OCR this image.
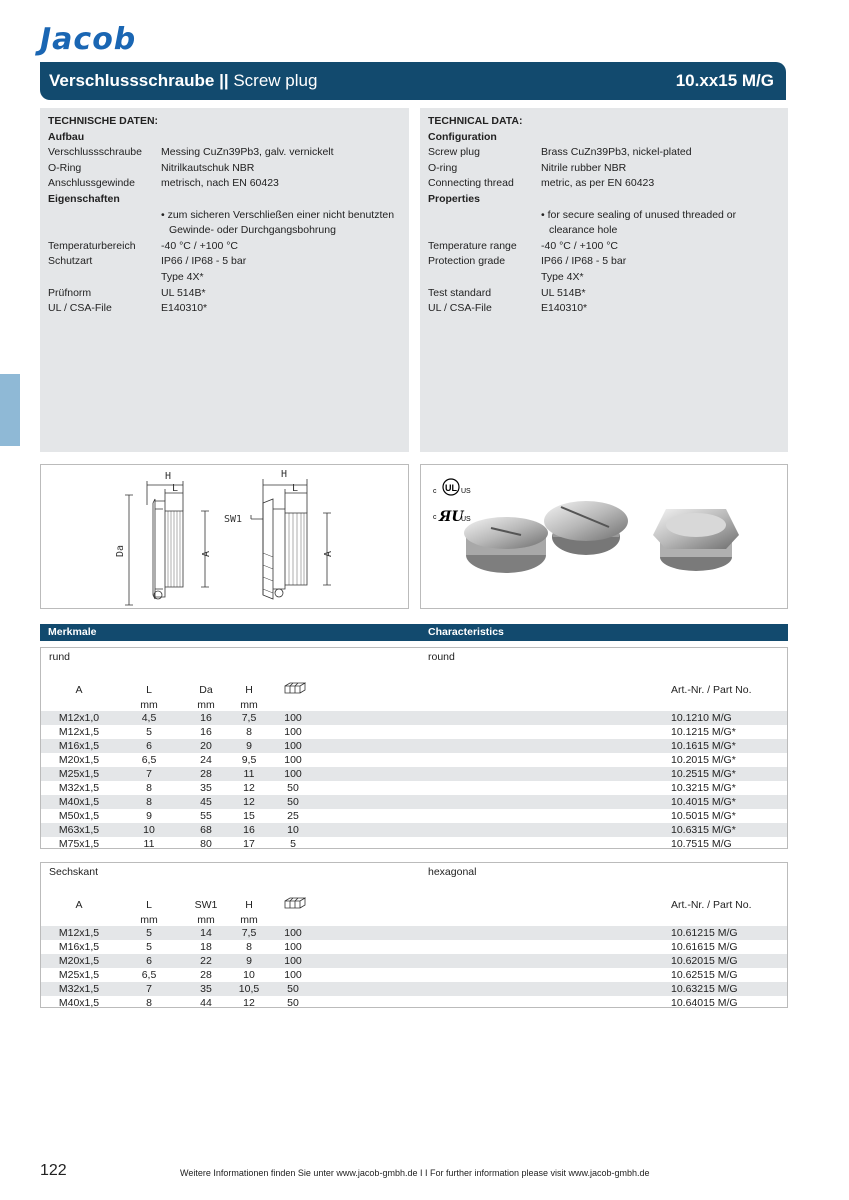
Jacob
Verschlussschraube || Screw plug	10.xx15 M/G
TECHNISCHE DATEN:
Aufbau
Verschlussschraube	Messing CuZn39Pb3, galv. vernickelt
O-Ring	Nitrilkautschuk NBR
Anschlussgewinde	metrisch, nach EN 60423
Eigenschaften
• zum sicheren Verschließen einer nicht benutzten
Gewinde- oder Durchgangsbohrung
Temperaturbereich	-40 °C / +100 °C
Schutzart	IP66 / IP68 - 5 bar
Type 4X*
Prüfnorm	UL 514B*
UL / CSA-File	E140310*
TECHNICAL DATA:
Configuration
Screw plug	Brass CuZn39Pb3, nickel-plated
O-ring	Nitrile rubber NBR
Connecting thread	metric, as per EN 60423
Properties
• for secure sealing of unused threaded or
clearance hole
Temperature range	-40 °C / +100 °C
Protection grade	IP66 / IP68 - 5 bar
Type 4X*
Test standard	UL 514B*
UL / CSA-File	E140310*
H
L
Da	A
H
L
SW1
A
UL
c	US
c ЯU
US
Merkmale	Characteristics
rund	round
A	L	Da	H	Art.-Nr. / Part No.
mm	mm	mm
M12x1,0	4,5	16	7,5	100	10.1210 M/G
M12x1,5	5	16	8	100	10.1215 M/G*
M16x1,5	6	20	9	100	10.1615 M/G*
M20x1,5	6,5	24	9,5	100	10.2015 M/G*
M25x1,5	7	28	11	100	10.2515 M/G*
M32x1,5	8	35	12	50	10.3215 M/G*
M40x1,5	8	45	12	50	10.4015 M/G*
M50x1,5	9	55	15	25	10.5015 M/G*
M63x1,5	10	68	16	10	10.6315 M/G*
M75x1,5	11	80	17	5	10.7515 M/G
Sechskant	hexagonal
A	L	SW1	H	Art.-Nr. / Part No.
mm	mm	mm
M12x1,5	5	14	7,5	100	10.61215 M/G
M16x1,5	5	18	8	100	10.61615 M/G
M20x1,5	6	22	9	100	10.62015 M/G
M25x1,5	6,5	28	10	100	10.62515 M/G
M32x1,5	7	35	10,5	50	10.63215 M/G
M40x1,5	8	44	12	50	10.64015 M/G
122	Weitere Informationen finden Sie unter www.jacob-gmbh.de I I For further information please visit www.jacob-gmbh.de
